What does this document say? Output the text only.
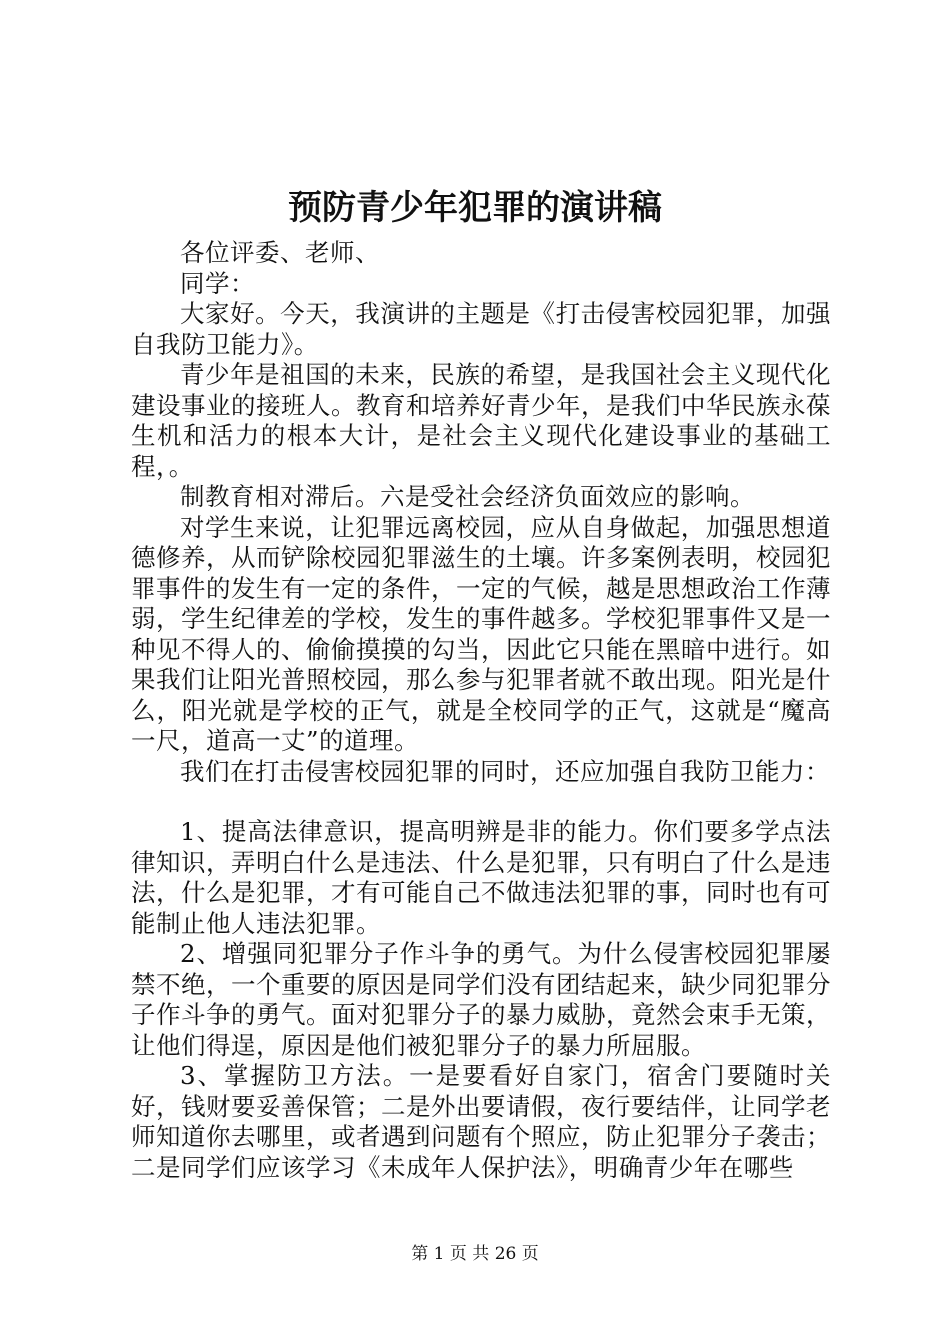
预防青少年犯罪的演讲稿

各位评委、老师、

同学：

大家好。今天，我演讲的主题是《打击侵害校园犯罪，加强自我防卫能力》。

青少年是祖国的未来，民族的希望，是我国社会主义现代化建设事业的接班人。教育和培养好青少年，是我们中华民族永葆生机和活力的根本大计，是社会主义现代化建设事业的基础工程，。

制教育相对滞后。六是受社会经济负面效应的影响。

对学生来说，让犯罪远离校园，应从自身做起，加强思想道德修养，从而铲除校园犯罪滋生的土壤。许多案例表明，校园犯罪事件的发生有一定的条件，一定的气候，越是思想政治工作薄弱，学生纪律差的学校，发生的事件越多。学校犯罪事件又是一种见不得人的、偷偷摸摸的勾当，因此它只能在黑暗中进行。如果我们让阳光普照校园，那么参与犯罪者就不敢出现。阳光是什么，阳光就是学校的正气，就是全校同学的正气，这就是“魔高一尺，道高一丈”的道理。

我们在打击侵害校园犯罪的同时，还应加强自我防卫能力：

1、提高法律意识，提高明辨是非的能力。你们要多学点法律知识，弄明白什么是违法、什么是犯罪，只有明白了什么是违法，什么是犯罪，才有可能自己不做违法犯罪的事，同时也有可能制止他人违法犯罪。

2、增强同犯罪分子作斗争的勇气。为什么侵害校园犯罪屡禁不绝，一个重要的原因是同学们没有团结起来，缺少同犯罪分子作斗争的勇气。面对犯罪分子的暴力威胁，竟然会束手无策，让他们得逞，原因是他们被犯罪分子的暴力所屈服。

3、掌握防卫方法。一是要看好自家门，宿舍门要随时关好，钱财要妥善保管；二是外出要请假，夜行要结伴，让同学老师知道你去哪里，或者遇到问题有个照应，防止犯罪分子袭击；二是同学们应该学习《未成年人保护法》，明确青少年在哪些

第 1 页 共 26 页
